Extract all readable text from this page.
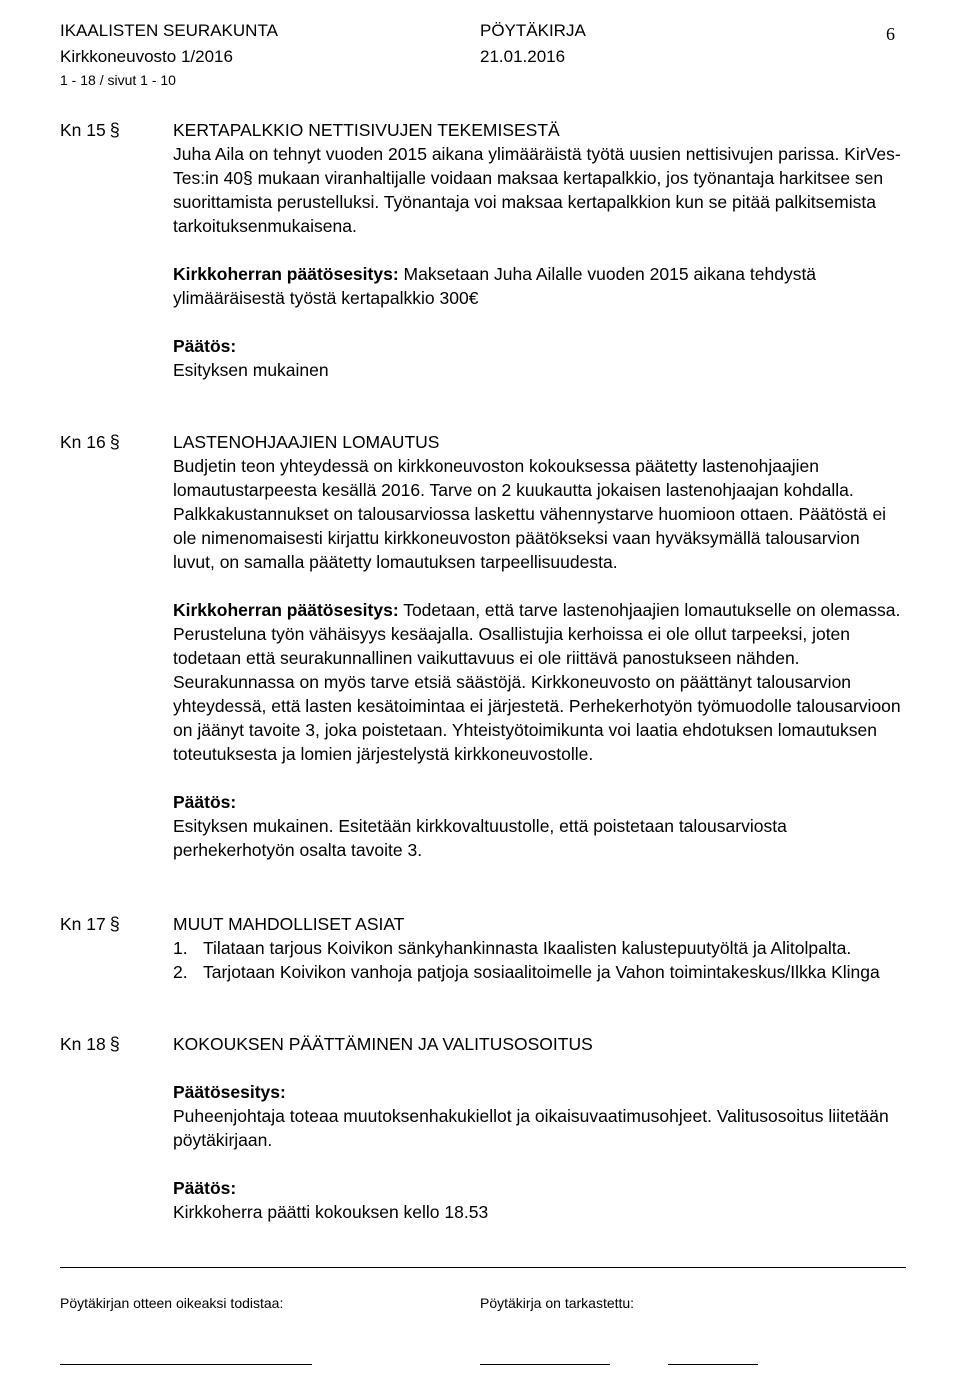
IKAALISTEN SEURAKUNTA	PÖYTÄKIRJA	6
Kirkkoneuvosto 1/2016	21.01.2016
1 - 18 / sivut 1 - 10
Kn 15 §	KERTAPALKKIO NETTISIVUJEN TEKEMISESTÄ

Juha Aila on tehnyt vuoden 2015 aikana ylimääräistä työtä uusien nettisivujen parissa. KirVes-Tes:in 40§ mukaan viranhaltijalle voidaan maksaa kertapalkkio, jos työnantaja harkitsee sen suorittamista perustelluksi. Työnantaja voi maksaa kertapalkkion kun se pitää palkitsemista tarkoituksenmukaisena.

Kirkkoherran päätösesitys: Maksetaan Juha Ailalle vuoden 2015 aikana tehdystä ylimääräisestä työstä kertapalkkio 300€

Päätös:

Esityksen mukainen

Kn 16 §	LASTENOHJAAJIEN LOMAUTUS

Budjetin teon yhteydessä on kirkkoneuvoston kokouksessa päätetty lastenohjaajien lomautustarpeesta kesällä 2016. Tarve on 2 kuukautta jokaisen lastenohjaajan kohdalla. Palkkakustannukset on talousarviossa laskettu vähennystarve huomioon ottaen. Päätöstä ei ole nimenomaisesti kirjattu kirkkoneuvoston päätökseksi vaan hyväksymällä talousarvion luvut, on samalla päätetty lomautuksen tarpeellisuudesta.

Kirkkoherran päätösesitys: Todetaan, että tarve lastenohjaajien lomautukselle on olemassa. Perusteluna työn vähäisyys kesäajalla. Osallistujia kerhoissa ei ole ollut tarpeeksi, joten todetaan että seurakunnallinen vaikuttavuus ei ole riittävä panostukseen nähden. Seurakunnassa on myös tarve etsiä säästöjä. Kirkkoneuvosto on päättänyt talousarvion yhteydessä, että lasten kesätoimintaa ei järjestetä. Perhekerhotyön työmuodolle talousarvioon on jäänyt tavoite 3, joka poistetaan. Yhteistyötoimikunta voi laatia ehdotuksen lomautuksen toteutuksesta ja lomien järjestelystä kirkkoneuvostolle.

Päätös:

Esityksen mukainen. Esitetään kirkkovaltuustolle, että poistetaan talousarviosta perhekerhotyön osalta tavoite 3.

Kn 17 §	MUUT MAHDOLLISET ASIAT

1. Tilataan tarjous Koivikon sänkyhankinnasta Ikaalisten kalustepuutyöltä ja Alitolpalta.
2. Tarjotaan Koivikon vanhoja patjoja sosiaalitoimelle ja Vahon toimintakeskus/Ilkka Klinga
Kn 18 §	KOKOUKSEN PÄÄTTÄMINEN JA VALITUSOSOITUS

Päätösesitys:

Puheenjohtaja toteaa muutoksenhakukiellot ja oikaisuvaatimusohjeet. Valitusosoitus liitetään pöytäkirjaan.

Päätös:

Kirkkoherra päätti kokouksen kello 18.53

Pöytäkirjan otteen oikeaksi todistaa:	Pöytäkirja on tarkastettu:
